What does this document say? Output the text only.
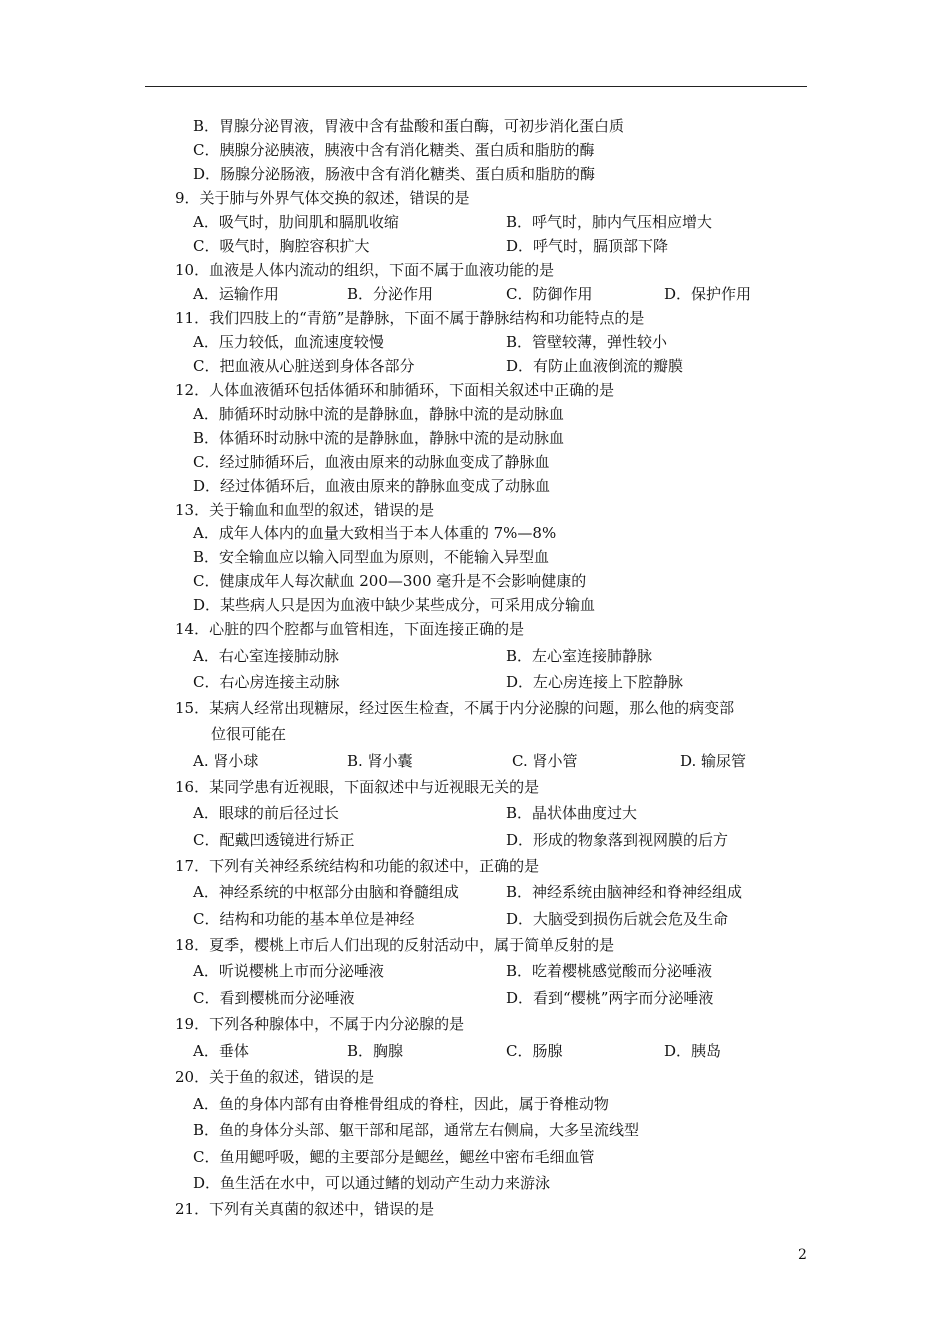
B．胃腺分泌胃液，胃液中含有盐酸和蛋白酶，可初步消化蛋白质
C．胰腺分泌胰液，胰液中含有消化糖类、蛋白质和脂肪的酶
D．肠腺分泌肠液，肠液中含有消化糖类、蛋白质和脂肪的酶
9．关于肺与外界气体交换的叙述，错误的是
A．吸气时，肋间肌和膈肌收缩	B．呼气时，肺内气压相应增大
C．吸气时，胸腔容积扩大	D．呼气时，膈顶部下降
10．血液是人体内流动的组织，下面不属于血液功能的是
A．运输作用	B．分泌作用	C．防御作用	D．保护作用
11．我们四肢上的“青筋”是静脉，下面不属于静脉结构和功能特点的是
A．压力较低，血流速度较慢	B．管壁较薄，弹性较小
C．把血液从心脏送到身体各部分	D．有防止血液倒流的瓣膜
12．人体血液循环包括体循环和肺循环，下面相关叙述中正确的是
A．肺循环时动脉中流的是静脉血，静脉中流的是动脉血
B．体循环时动脉中流的是静脉血，静脉中流的是动脉血
C．经过肺循环后，血液由原来的动脉血变成了静脉血
D．经过体循环后，血液由原来的静脉血变成了动脉血
13．关于输血和血型的叙述，错误的是
A．成年人体内的血量大致相当于本人体重的 7%—8%
B．安全输血应以输入同型血为原则，不能输入异型血
C．健康成年人每次献血 200—300 毫升是不会影响健康的
D．某些病人只是因为血液中缺少某些成分，可采用成分输血
14．心脏的四个腔都与血管相连，下面连接正确的是
A．右心室连接肺动脉	B．左心室连接肺静脉
C．右心房连接主动脉	D．左心房连接上下腔静脉
15．某病人经常出现糖尿，经过医生检查，不属于内分泌腺的问题，那么他的病变部
位很可能在
A. 肾小球	B. 肾小囊	C. 肾小管	D. 输尿管
16．某同学患有近视眼，下面叙述中与近视眼无关的是
A．眼球的前后径过长	B．晶状体曲度过大
C．配戴凹透镜进行矫正	D．形成的物象落到视网膜的后方
17．下列有关神经系统结构和功能的叙述中，正确的是
A．神经系统的中枢部分由脑和脊髓组成	B．神经系统由脑神经和脊神经组成
C．结构和功能的基本单位是神经	D．大脑受到损伤后就会危及生命
18．夏季，樱桃上市后人们出现的反射活动中，属于简单反射的是
A．听说樱桃上市而分泌唾液	B．吃着樱桃感觉酸而分泌唾液
C．看到樱桃而分泌唾液	D．看到“樱桃”两字而分泌唾液
19．下列各种腺体中，不属于内分泌腺的是
A．垂体	B．胸腺	C．肠腺	D．胰岛
20．关于鱼的叙述，错误的是
A．鱼的身体内部有由脊椎骨组成的脊柱，因此，属于脊椎动物
B．鱼的身体分头部、躯干部和尾部，通常左右侧扁，大多呈流线型
C．鱼用鳃呼吸，鳃的主要部分是鳃丝，鳃丝中密布毛细血管
D．鱼生活在水中，可以通过鳍的划动产生动力来游泳
21．下列有关真菌的叙述中，错误的是
2
